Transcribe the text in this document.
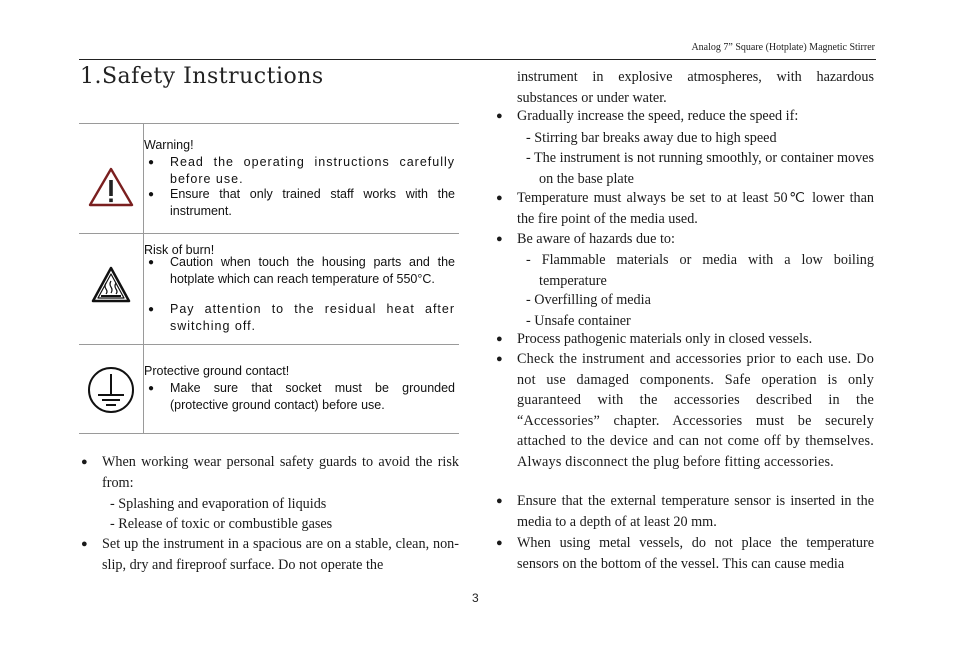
Analog 7” Square (Hotplate) Magnetic Stirrer
1.Safety Instructions
Warning!
● Read the operating instructions carefully before use.
● Ensure that only trained staff works with the instrument.
Risk of burn!
● Caution when touch the housing parts and the hotplate which can reach temperature of 550°C.
● Pay attention to the residual heat after switching off.
Protective ground contact!
● Make sure that socket must be grounded (protective ground contact) before use.
● When working wear personal safety guards to avoid the risk from:
- Splashing and evaporation of liquids
- Release of toxic or combustible gases
● Set up the instrument in a spacious are on a stable, clean, non-slip, dry and fireproof surface. Do not operate the
instrument in explosive atmospheres, with hazardous substances or under water.
● Gradually increase the speed, reduce the speed if:
- Stirring bar breaks away due to high speed
- The instrument is not running smoothly, or container moves on the base plate
● Temperature must always be set to at least 50℃ lower than the fire point of the media used.
● Be aware of hazards due to:
- Flammable materials or media with a low boiling temperature
- Overfilling of media
- Unsafe container
● Process pathogenic materials only in closed vessels.
● Check the instrument and accessories prior to each use. Do not use damaged components. Safe operation is only guaranteed with the accessories described in the “Accessories” chapter. Accessories must be securely attached to the device and can not come off by themselves. Always disconnect the plug before fitting accessories.
● Ensure that the external temperature sensor is inserted in the media to a depth of at least 20 mm.
● When using metal vessels, do not place the temperature sensors on the bottom of the vessel. This can cause media
3
